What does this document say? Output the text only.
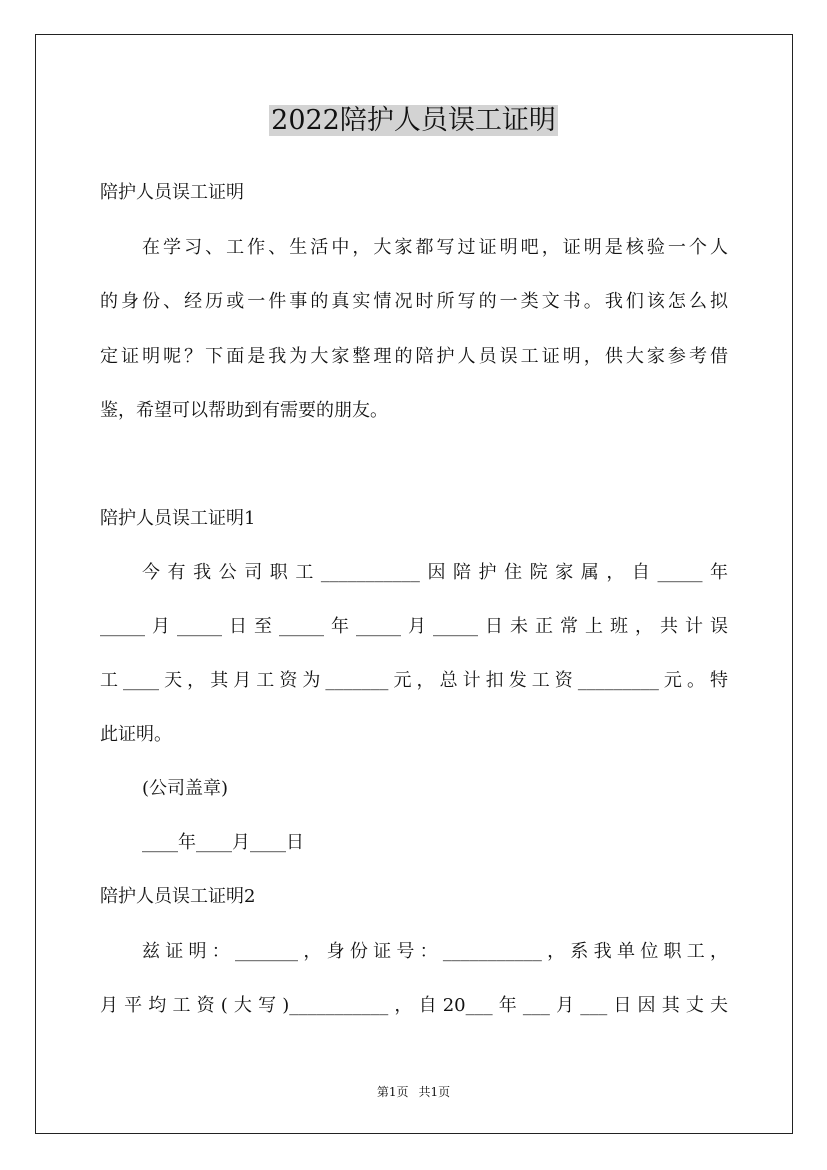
2022陪护人员误工证明
陪护人员误工证明
在学习、工作、生活中，大家都写过证明吧，证明是核验一个人
的身份、经历或一件事的真实情况时所写的一类文书。我们该怎么拟
定证明呢？下面是我为大家整理的陪护人员误工证明，供大家参考借
鉴，希望可以帮助到有需要的朋友。
陪护人员误工证明1
今有我公司职工___________因陪护住院家属，自_____年
_____月_____日至_____年_____月_____日未正常上班，共计误
工____天，其月工资为_______元，总计扣发工资_________元。特
此证明。
(公司盖章)
____年____月____日
陪护人员误工证明2
兹证明：_______，身份证号：___________，系我单位职工，
月平均工资(大写)___________，自20___年___月___日因其丈夫
第1页 共1页
